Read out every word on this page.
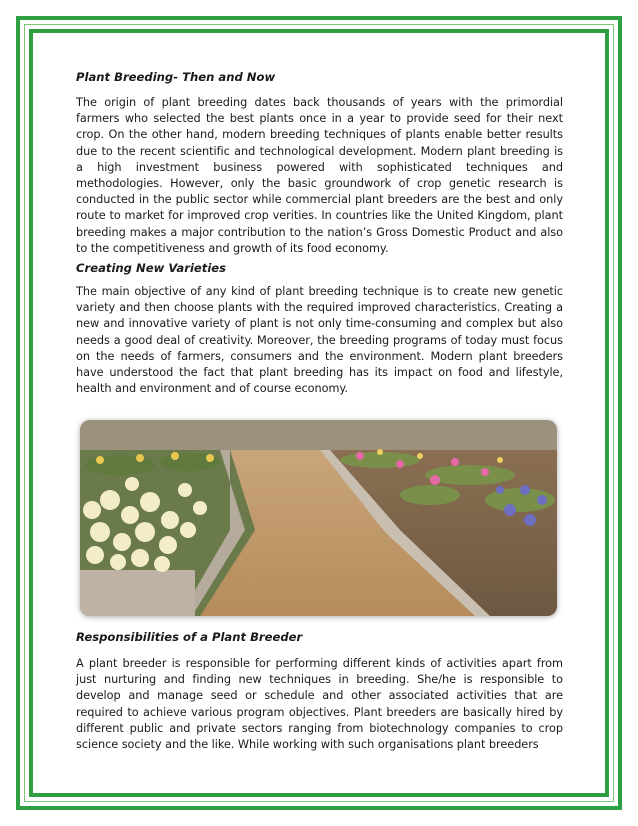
Plant Breeding- Then and Now

The origin of plant breeding dates back thousands of years with the primordial farmers who selected the best plants once in a year to provide seed for their next crop. On the other hand, modern breeding techniques of plants enable better results due to the recent scientific and technological development. Modern plant breeding is a high investment business powered with sophisticated techniques and methodologies. However, only the basic groundwork of crop genetic research is conducted in the public sector while commercial plant breeders are the best and only route to market for improved crop verities. In countries like the United Kingdom, plant breeding makes a major contribution to the nation’s Gross Domestic Product and also to the competitiveness and growth of its food economy.

Creating New Varieties

The main objective of any kind of plant breeding technique is to create new genetic variety and then choose plants with the required improved characteristics. Creating a new and innovative variety of plant is not only time-consuming and complex but also needs a good deal of creativity. Moreover, the breeding programs of today must focus on the needs of farmers, consumers and the environment. Modern plant breeders have understood the fact that plant breeding has its impact on food and lifestyle, health and environment and of course economy.

Responsibilities of a Plant Breeder

A plant breeder is responsible for performing different kinds of activities apart from just nurturing and finding new techniques in breeding. She/he is responsible to develop and manage seed or schedule and other associated activities that are required to achieve various program objectives. Plant breeders are basically hired by different public and private sectors ranging from biotechnology companies to crop science society and the like. While working with such organisations plant breeders
